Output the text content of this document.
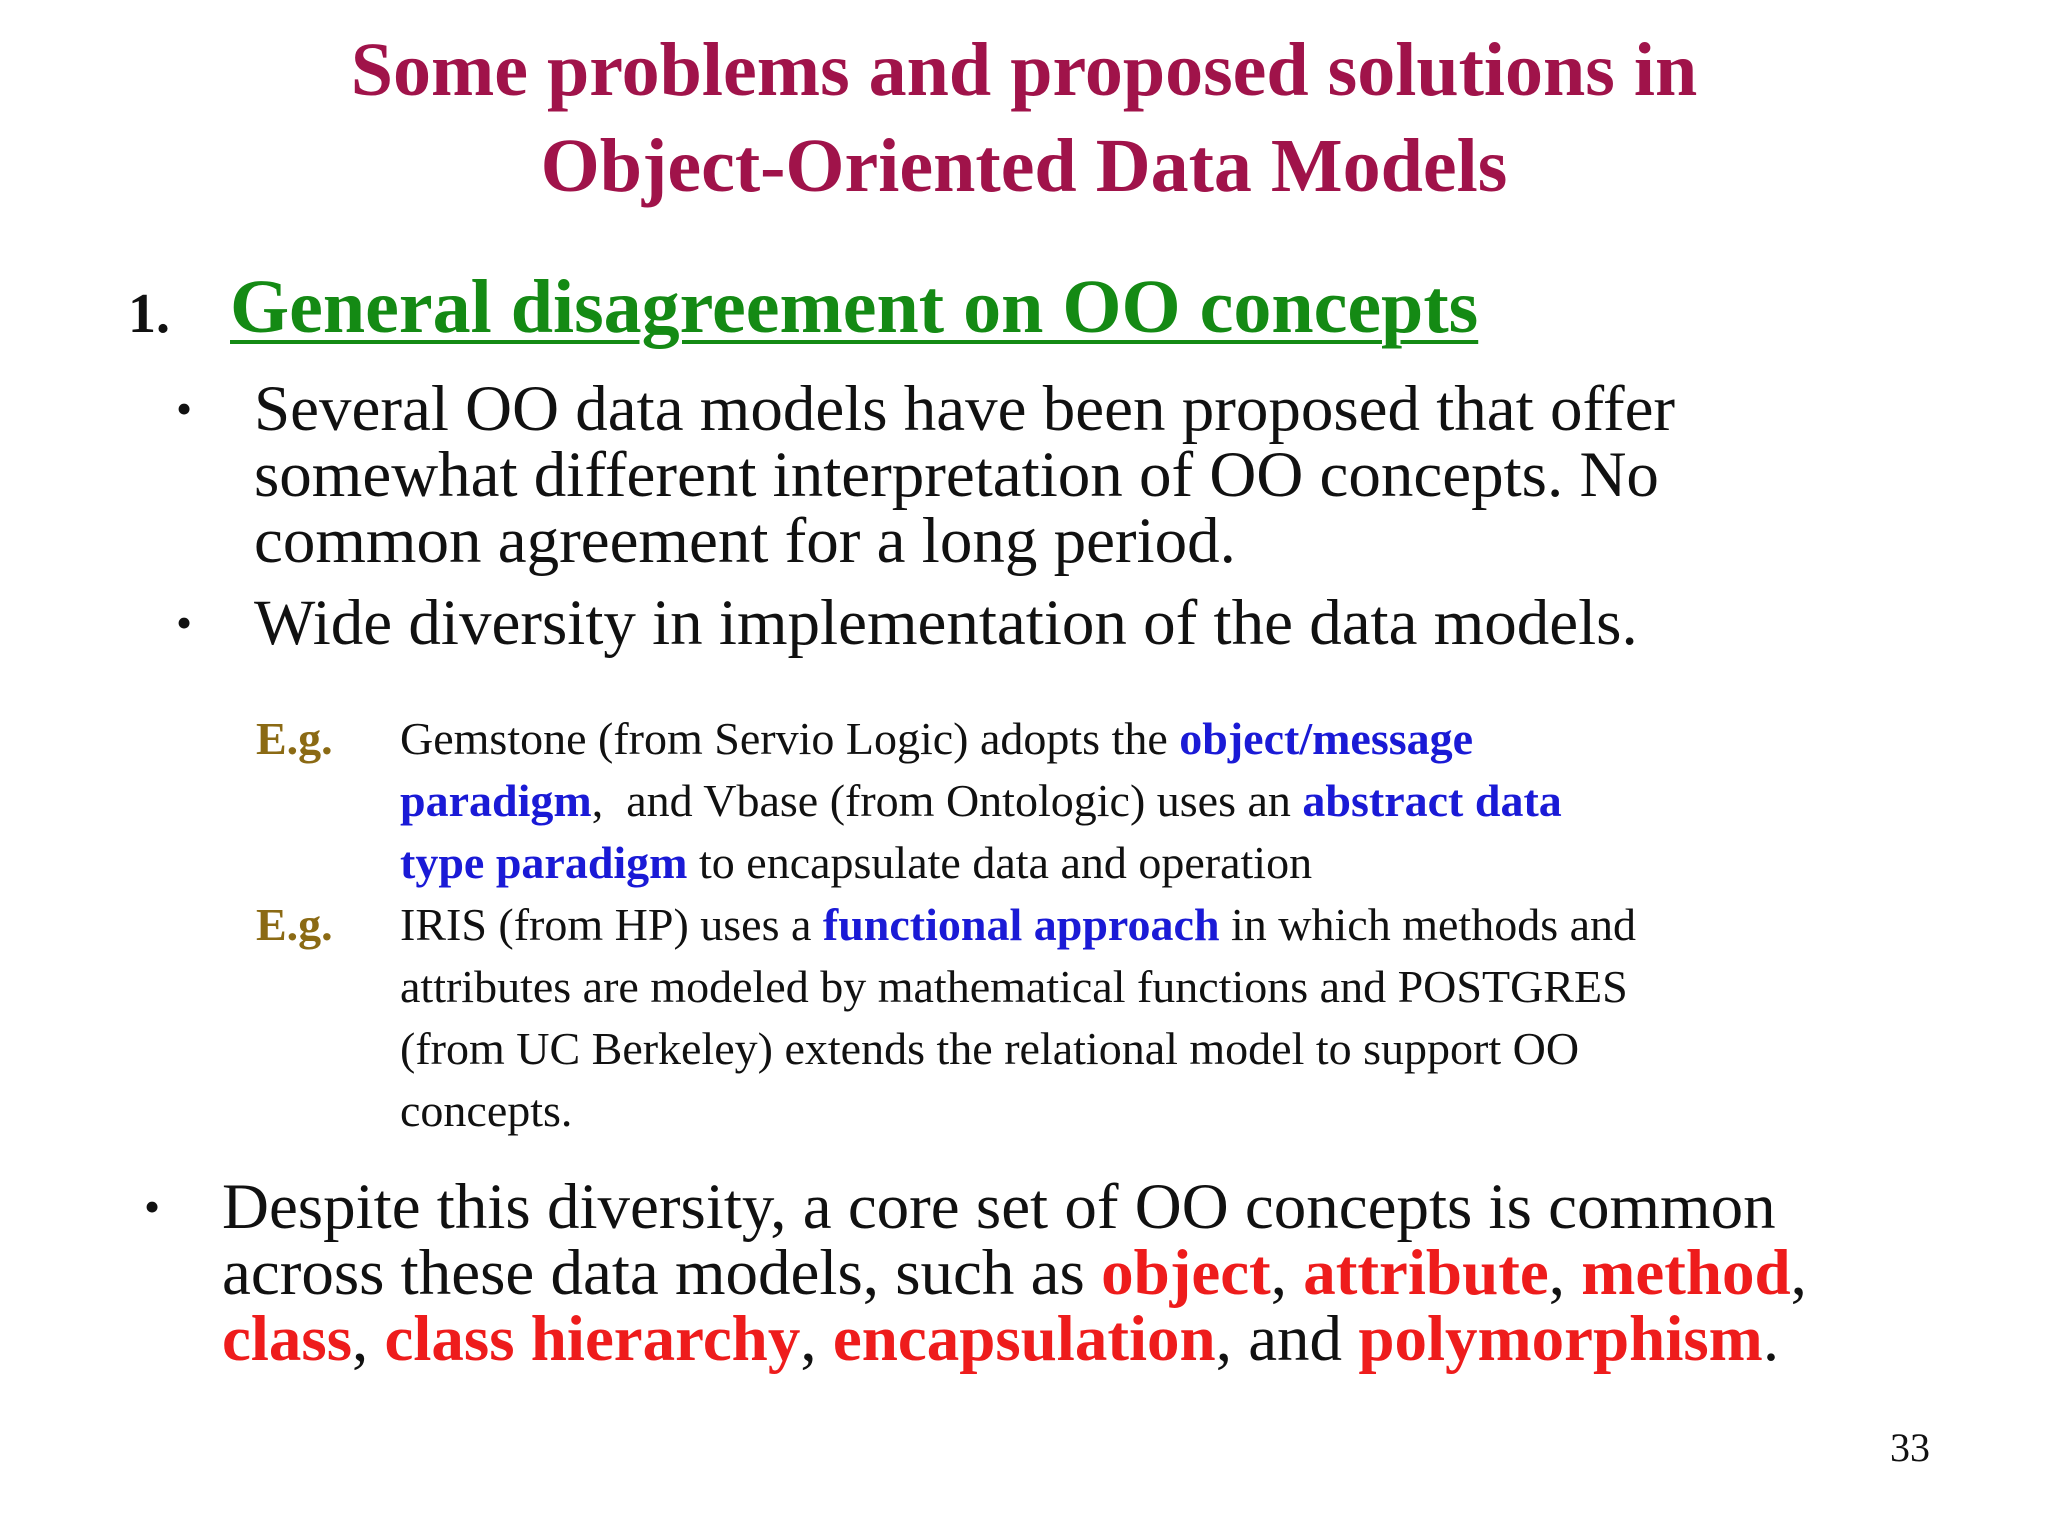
Some problems and proposed solutions in
Object-Oriented Data Models
1. General disagreement on OO concepts
• Several OO data models have been proposed that offer
somewhat different interpretation of OO concepts. No
common agreement for a long period.
• Wide diversity in implementation of the data models.
E.g. Gemstone (from Servio Logic) adopts the object/message
paradigm,  and Vbase (from Ontologic) uses an abstract data
type paradigm to encapsulate data and operation
E.g. IRIS (from HP) uses a functional approach in which methods and
attributes are modeled by mathematical functions and POSTGRES
(from UC Berkeley) extends the relational model to support OO
concepts.
• Despite this diversity, a core set of OO concepts is common
across these data models, such as object, attribute, method,
class, class hierarchy, encapsulation, and polymorphism.
33
